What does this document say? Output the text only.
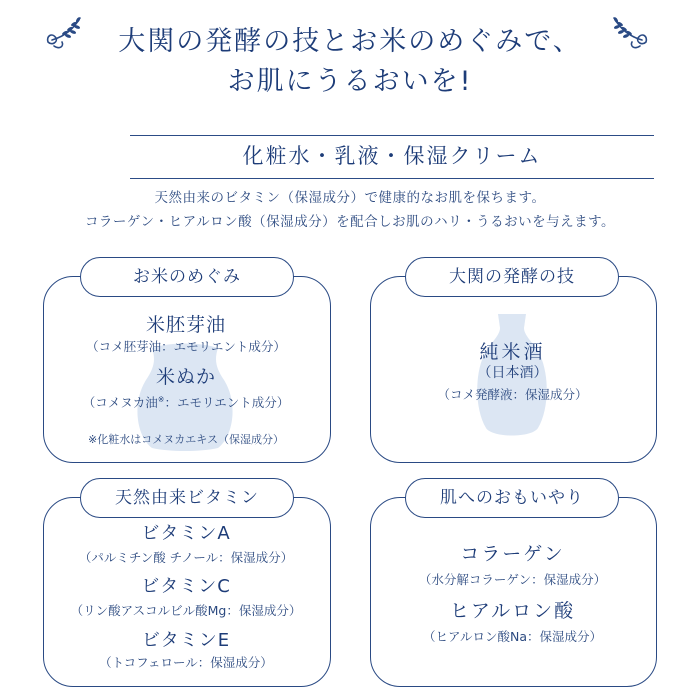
大関の発酵の技とお米のめぐみで、
お肌にうるおいを!
化粧水・乳液・保湿クリーム
天然由来のビタミン（保湿成分）で健康的なお肌を保ちます。
コラーゲン・ヒアルロン酸（保湿成分）を配合しお肌のハリ・うるおいを与えます。
お米のめぐみ
米胚芽油
（コメ胚芽油：エモリエント成分）
米ぬか
（コメヌカ油※：エモリエント成分）
※化粧水はコメヌカエキス（保湿成分）
大関の発酵の技
純米酒
（日本酒）
（コメ発酵液：保湿成分）
天然由来ビタミン
ビタミンA
（パルミチン酸 チノール：保湿成分）
ビタミンC
（リン酸アスコルビル酸Mg：保湿成分）
ビタミンE
（トコフェロール：保湿成分）
肌へのおもいやり
コラーゲン
（水分解コラーゲン：保湿成分）
ヒアルロン酸
（ヒアルロン酸Na：保湿成分）
